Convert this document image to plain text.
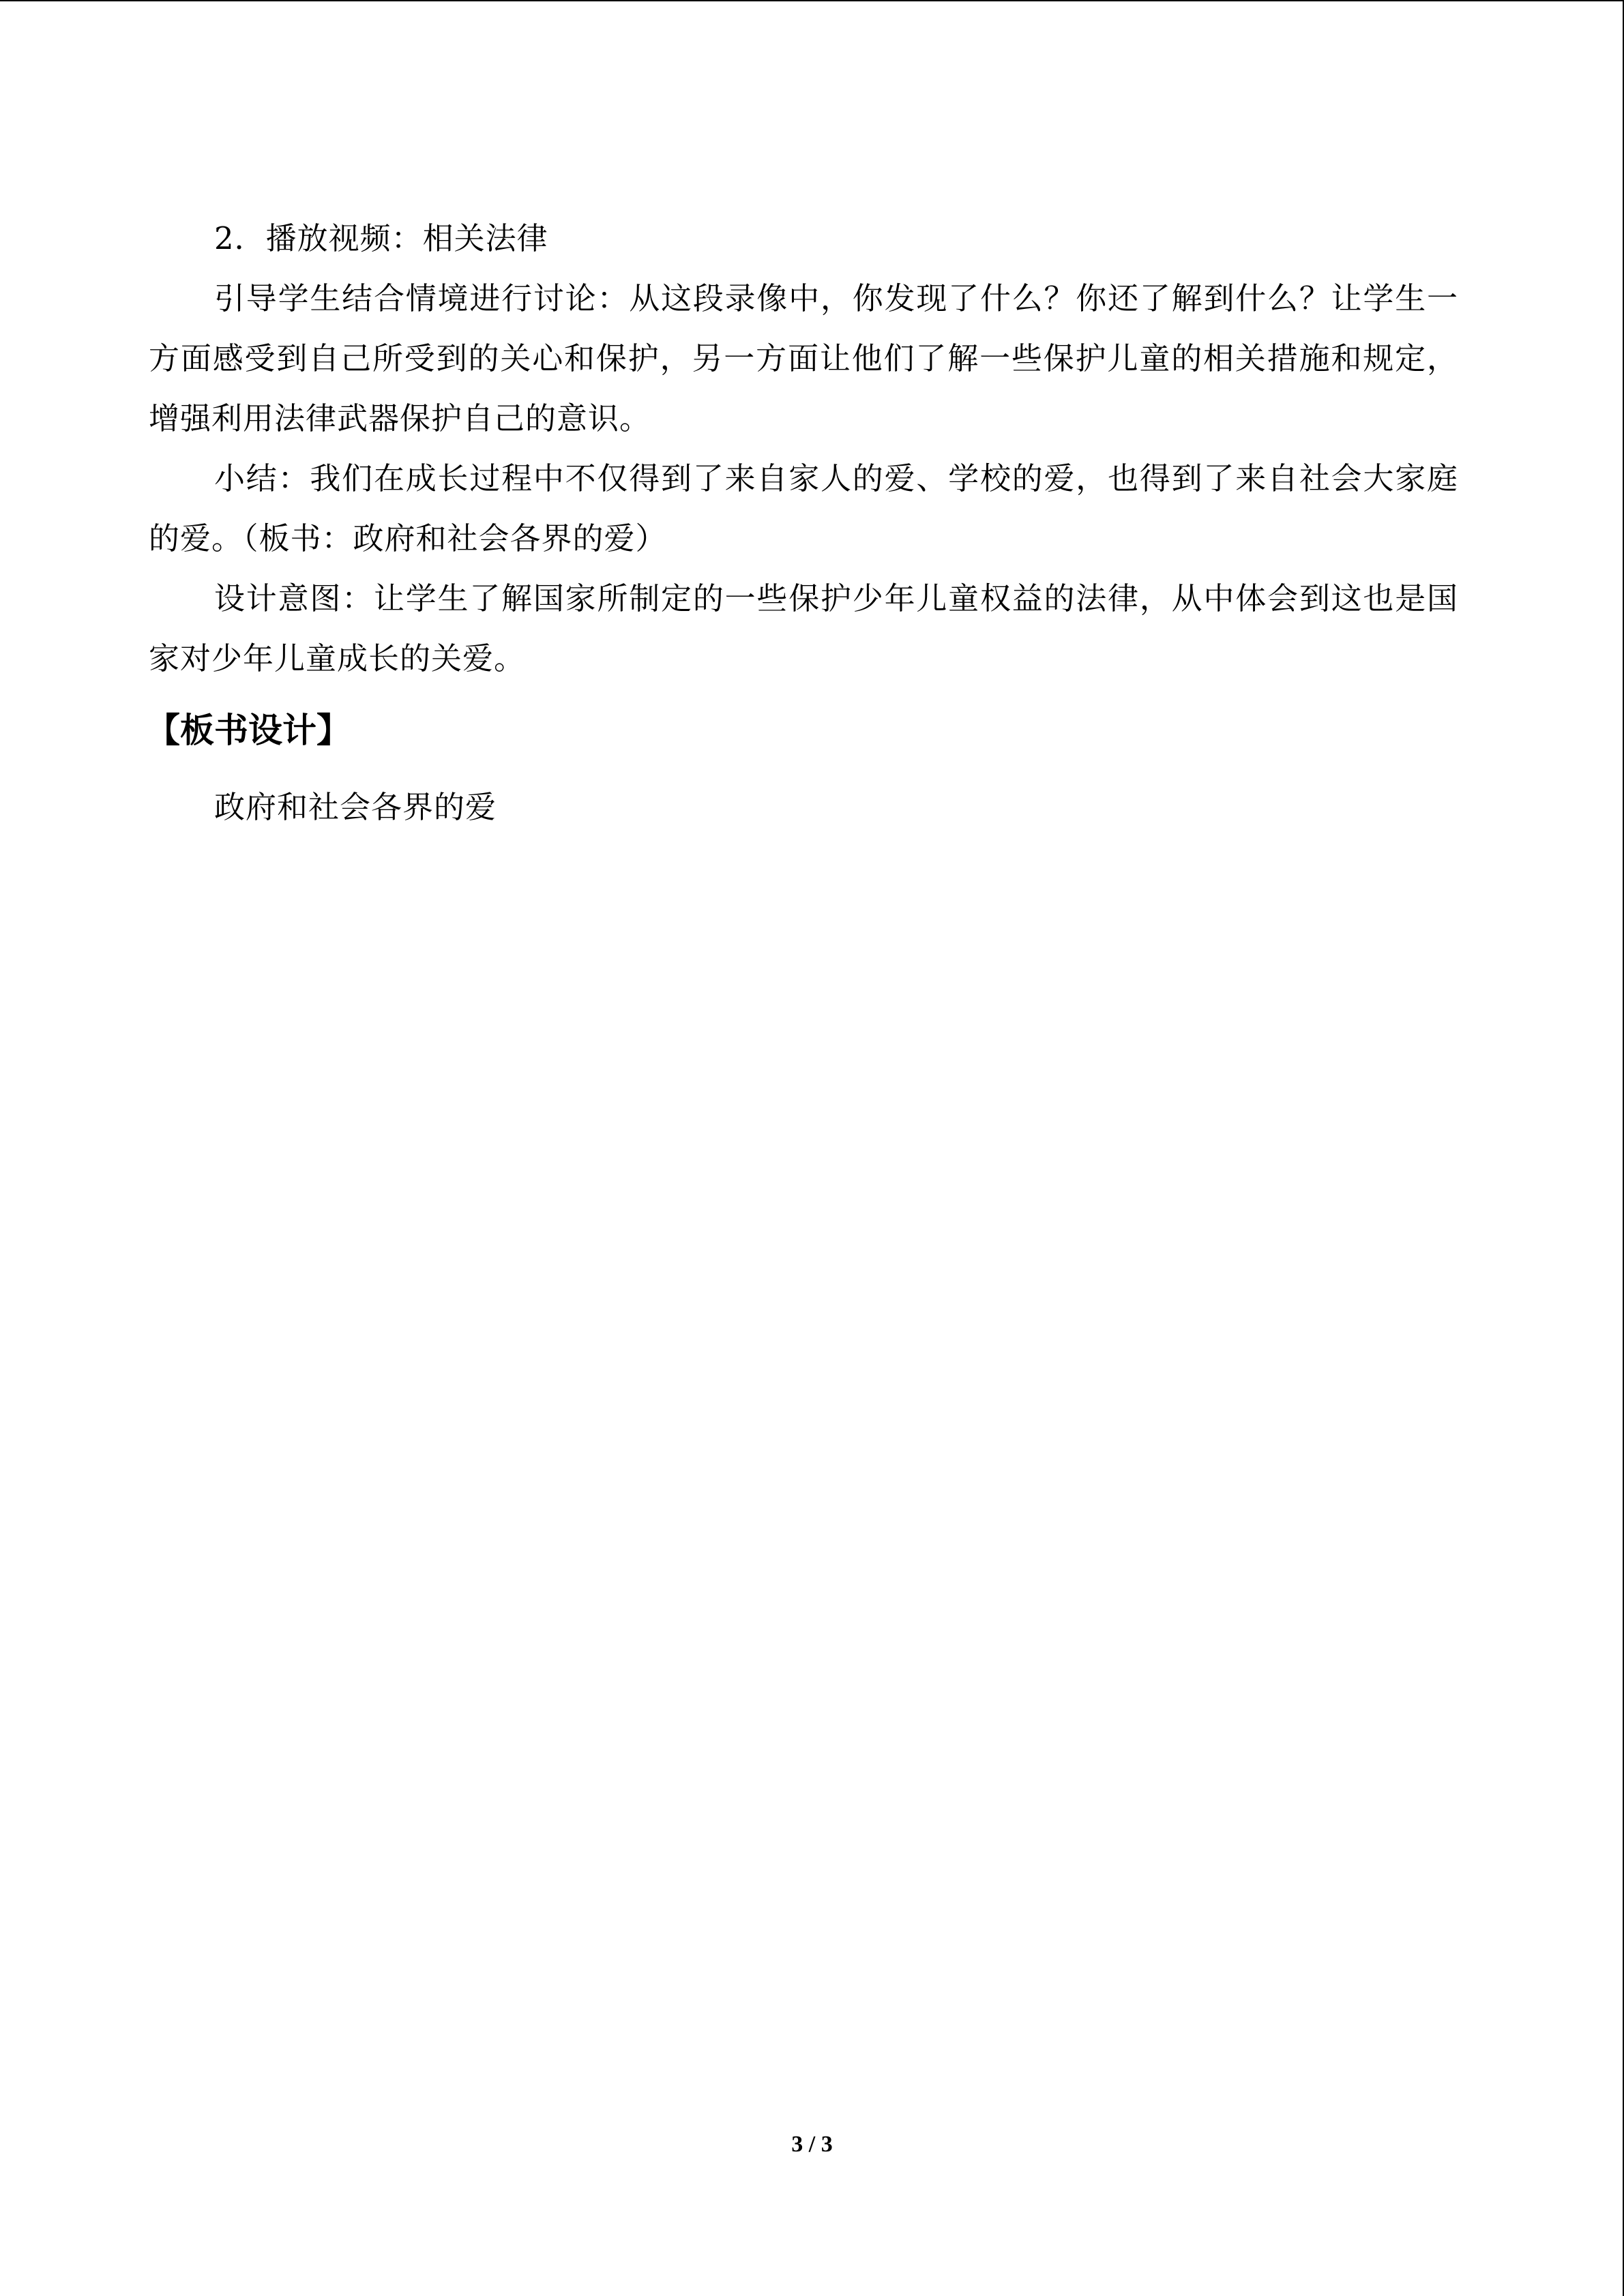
2．播放视频：相关法律

引导学生结合情境进行讨论：从这段录像中，你发现了什么？你还了解到什么？让学生一方面感受到自己所受到的关心和保护，另一方面让他们了解一些保护儿童的相关措施和规定，增强利用法律武器保护自己的意识。

小结：我们在成长过程中不仅得到了来自家人的爱、学校的爱，也得到了来自社会大家庭的爱。（板书：政府和社会各界的爱）

设计意图：让学生了解国家所制定的一些保护少年儿童权益的法律，从中体会到这也是国家对少年儿童成长的关爱。

【板书设计】

政府和社会各界的爱

3 / 3
